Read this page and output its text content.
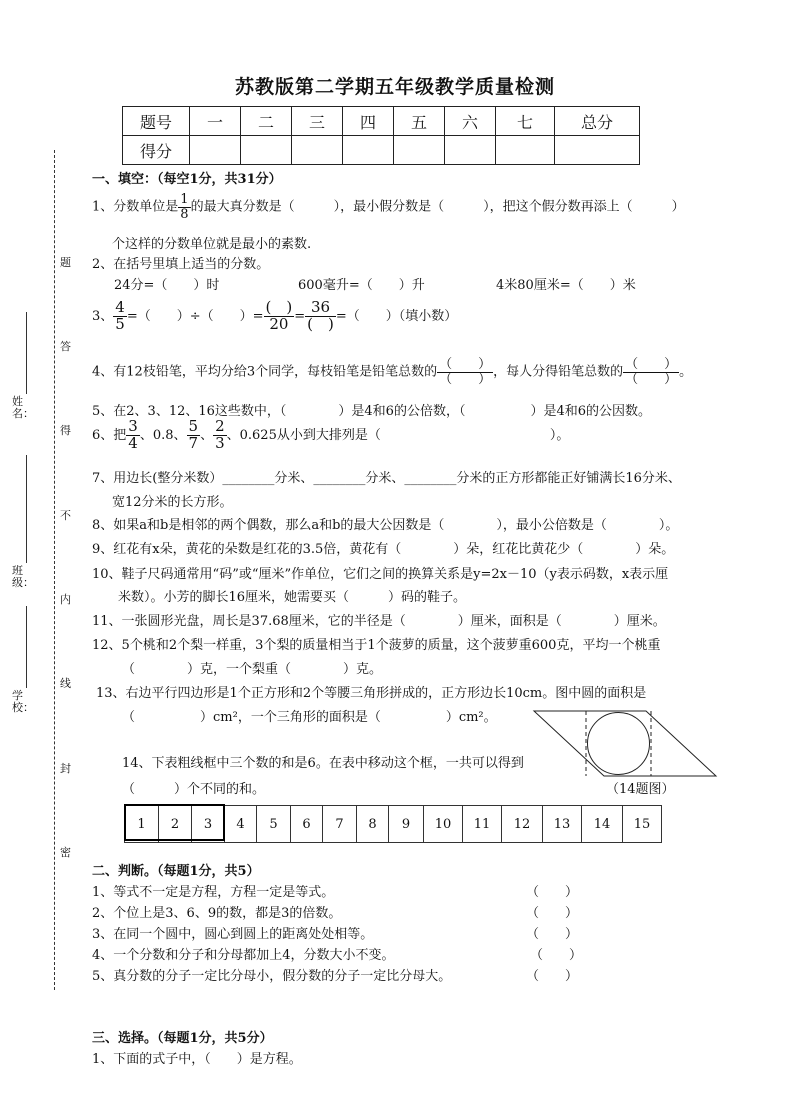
苏教版第二学期五年级教学质量检测
题号	一	二	三	四	五	六	七	总分
得分								
题
答
得
不
内
线
封
密
姓名：
班级：
学校：
一、填空：（每空1分，共31分）
1、分数单位是 $\frac{1}{8}$ 的最大真分数是（　　　），最小假分数是（　　　），把这个假分数再添上（　　　）
个这样的分数单位就是最小的素数.
2、在括号里填上适当的分数。
24分=（　　）时	600毫升=（　　）升	4米80厘米=（　　）米
3、 $\frac{4}{5}$ =（　　）÷（　　）= $\frac{( )}{20} = \frac{36}{( )}$ =（　　）（填小数）
4、有12枝铅笔，平均分给3个同学，每枝铅笔是铅笔总数的 $\frac{( )}{( )}$ ，每人分得铅笔总数的 $\frac{( )}{( )}$ 。
5、在2、3、12、16这些数中，（　　　　）是4和6的公倍数，（　　　　　）是4和6的公因数。
6、把 $\frac{3}{4}$ 、0.8、 $\frac{5}{7}$ 、 $\frac{2}{3}$ 、0.625从小到大排列是（　　　　　　　　　　　　　）。
7、用边长(整分米数）________分米、________分米、________分米的正方形都能正好铺满长16分米、
宽12分米的长方形。
8、如果a和b是相邻的两个偶数，那么a和b的最大公因数是（　　　　），最小公倍数是（　　　　）。
9、红花有x朵，黄花的朵数是红花的3.5倍，黄花有（　　　　）朵，红花比黄花少（　　　　）朵。
10、鞋子尺码通常用“码”或“厘米”作单位，它们之间的换算关系是y=2x－10（y表示码数，x表示厘
米数）。小芳的脚长16厘米，她需要买（　　　）码的鞋子。
11、一张圆形光盘，周长是37.68厘米，它的半径是（　　　　）厘米，面积是（　　　　）厘米。
12、5个桃和2个梨一样重，3个梨的质量相当于1个菠萝的质量，这个菠萝重600克，平均一个桃重
（　　　　）克，一个梨重（　　　　）克。
13、右边平行四边形是1个正方形和2个等腰三角形拼成的，正方形边长10cm。图中圆的面积是
（　　　　　）cm²，一个三角形的面积是（　　　　　）cm²。
14、下表粗线框中三个数的和是6。在表中移动这个框，一共可以得到
（　　　）个不同的和。	（14题图）
1	2	3	4	5	6	7	8	9	10	11	12	13	14	15
二、判断。（每题1分，共5）
1、等式不一定是方程，方程一定是等式。	（　　）
2、个位上是3、6、9的数，都是3的倍数。	（　　）
3、在同一个圆中，圆心到圆上的距离处处相等。	（　　）
4、一个分数和分子和分母都加上4，分数大小不变。	（　　）
5、真分数的分子一定比分母小，假分数的分子一定比分母大。	（　　）
三、选择。（每题1分，共5分）
1、下面的式子中，（　　）是方程。
